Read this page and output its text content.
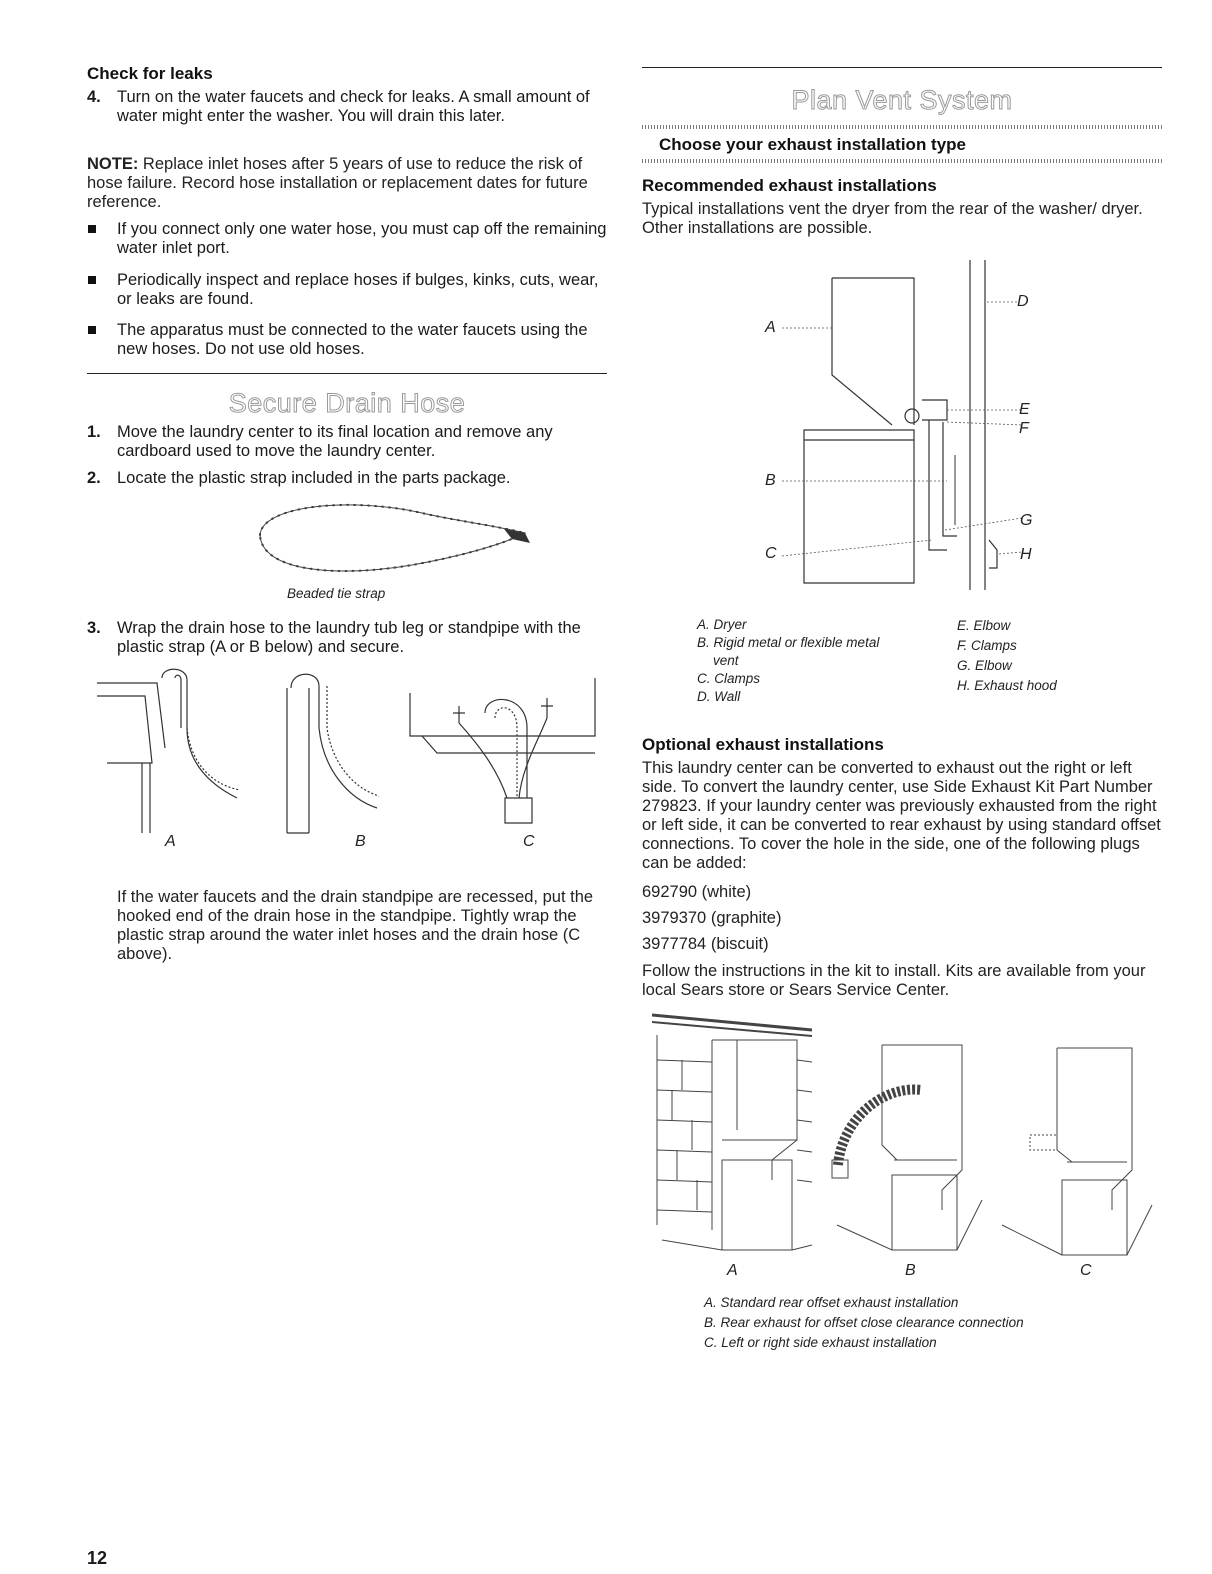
Check for leaks

4. Turn on the water faucets and check for leaks. A small amount of water might enter the washer. You will drain this later.

NOTE: Replace inlet hoses after 5 years of use to reduce the risk of hose failure. Record hose installation or replacement dates for future reference.

If you connect only one water hose, you must cap off the remaining water inlet port.
Periodically inspect and replace hoses if bulges, kinks, cuts, wear, or leaks are found.
The apparatus must be connected to the water faucets using the new hoses. Do not use old hoses.

Secure Drain Hose

1. Move the laundry center to its final location and remove any cardboard used to move the laundry center.
2. Locate the plastic strap included in the parts package.

Beaded tie strap

3. Wrap the drain hose to the laundry tub leg or standpipe with the plastic strap (A or B below) and secure.
A	B	C

If the water faucets and the drain standpipe are recessed, put the hooked end of the drain hose in the standpipe. Tightly wrap the plastic strap around the water inlet hoses and the drain hose (C above).

12

Plan Vent System

Choose your exhaust installation type

Recommended exhaust installations

Typical installations vent the dryer from the rear of the washer/ dryer. Other installations are possible.

A
B
C
D
E
F
G
H

A. Dryer

B. Rigid metal or flexible metal

vent

C. Clamps

D. Wall

E. Elbow

F. Clamps

G. Elbow

H. Exhaust hood

Optional exhaust installations

This laundry center can be converted to exhaust out the right or left side. To convert the laundry center, use Side Exhaust Kit Part Number 279823. If your laundry center was previously exhausted from the right or left side, it can be converted to rear exhaust by using standard offset connections. To cover the hole in the side, one of the following plugs can be added:

692790 (white)

3979370 (graphite)

3977784 (biscuit)

Follow the instructions in the kit to install. Kits are available from your local Sears store or Sears Service Center.

A	B	C

A. Standard rear offset exhaust installation

B. Rear exhaust for offset close clearance connection

C. Left or right side exhaust installation
